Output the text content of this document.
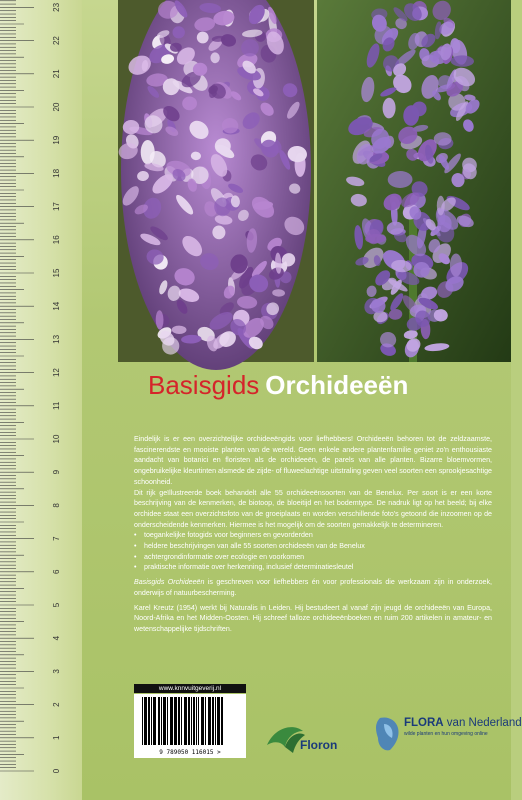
0
1
2
3
4
5
6
7
8
9
10
11
12
13
14
15
16
17
18
19
20
21
22
23
Basisgids Orchideeën

Eindelijk is er een overzichtelijke orchideeëngids voor liefhebbers! Orchideeën behoren tot de zeldzaamste, fascinerendste en mooiste planten van de wereld. Geen enkele andere plantenfamilie geniet zo'n enthousiaste aandacht van botanici en floristen als de orchideeën, de parels van alle planten. Bizarre bloemvormen, ongebruikelijke kleurtinten alsmede de zijde- of fluweelachtige uitstraling geven veel soorten een sprookjesachtige schoonheid.

Dit rijk geïllustreerde boek behandelt alle 55 orchideeënsoorten van de Benelux. Per soort is er een korte beschrijving van de kenmerken, de biotoop, de bloeitijd en het bodemtype. De nadruk ligt op het beeld; bij elke orchidee staat een overzichtsfoto van de groeiplaats en worden verschillende foto's getoond die inzoomen op de onderscheidende kenmerken. Hiermee is het mogelijk om de soorten gemakkelijk te determineren.

• toegankelijke fotogids voor beginners en gevorderden
• heldere beschrijvingen van alle 55 soorten orchideeën van de Benelux
• achtergrondinformatie over ecologie en voorkomen
• praktische informatie over herkenning, inclusief determinatiesleutel

Basisgids Orchideeën is geschreven voor liefhebbers én voor professionals die werkzaam zijn in onderzoek, onderwijs of natuurbescherming.

Karel Kreutz (1954) werkt bij Naturalis in Leiden. Hij bestudeert al vanaf zijn jeugd de orchideeën van Europa, Noord-Afrika en het Midden-Oosten. Hij schreef talloze orchideeënboeken en ruim 200 artikelen in amateur- en wetenschappelijke tijdschriften.

www.knnvuitgeverij.nl
9 789050 116015 >
Floron
FLORA van Nederland
wilde planten en hun omgeving online
